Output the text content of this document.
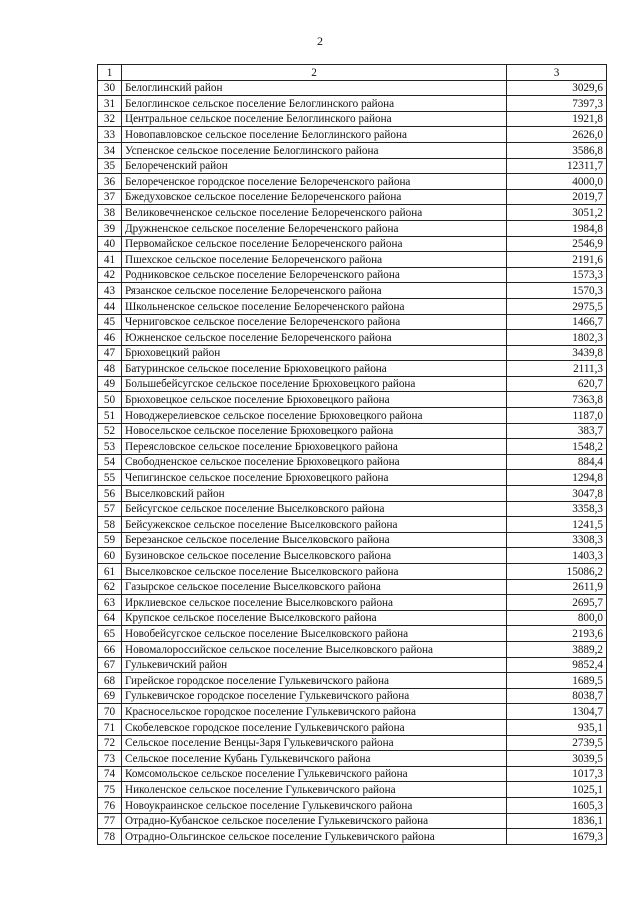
2
1	2	3
30	Белоглинский район	3029,6
31	Белоглинское сельское поселение Белоглинского района	7397,3
32	Центральное сельское поселение Белоглинского района	1921,8
33	Новопавловское сельское поселение Белоглинского района	2626,0
34	Успенское сельское поселение Белоглинского района	3586,8
35	Белореченский район	12311,7
36	Белореченское городское поселение Белореченского района	4000,0
37	Бжедуховское сельское поселение Белореченского района	2019,7
38	Великовечненское сельское поселение Белореченского района	3051,2
39	Дружненское сельское поселение Белореченского района	1984,8
40	Первомайское сельское поселение Белореченского района	2546,9
41	Пшехское сельское поселение Белореченского района	2191,6
42	Родниковское сельское поселение Белореченского района	1573,3
43	Рязанское сельское поселение Белореченского района	1570,3
44	Школьненское сельское поселение Белореченского района	2975,5
45	Черниговское сельское поселение Белореченского района	1466,7
46	Южненское сельское поселение Белореченского района	1802,3
47	Брюховецкий район	3439,8
48	Батуринское сельское поселение Брюховецкого района	2111,3
49	Большебейсугское сельское поселение Брюховецкого района	620,7
50	Брюховецкое сельское поселение Брюховецкого района	7363,8
51	Новоджерелиевское сельское поселение Брюховецкого района	1187,0
52	Новосельское сельское поселение Брюховецкого района	383,7
53	Переясловское сельское поселение Брюховецкого района	1548,2
54	Свободненское сельское поселение Брюховецкого района	884,4
55	Чепигинское сельское поселение Брюховецкого района	1294,8
56	Выселковский район	3047,8
57	Бейсугское сельское поселение Выселковского района	3358,3
58	Бейсужекское сельское поселение Выселковского района	1241,5
59	Березанское сельское поселение Выселковского района	3308,3
60	Бузиновское сельское поселение Выселковского района	1403,3
61	Выселковское сельское поселение Выселковского района	15086,2
62	Газырское сельское поселение Выселковского района	2611,9
63	Ирклиевское сельское поселение Выселковского района	2695,7
64	Крупское сельское поселение Выселковского района	800,0
65	Новобейсугское сельское поселение Выселковского района	2193,6
66	Новомалороссийское сельское поселение Выселковского района	3889,2
67	Гулькевичский район	9852,4
68	Гирейское городское поселение Гулькевичского района	1689,5
69	Гулькевичское городское поселение Гулькевичского района	8038,7
70	Красносельское городское поселение Гулькевичского района	1304,7
71	Скобелевское городское поселение Гулькевичского района	935,1
72	Сельское поселение Венцы-Заря Гулькевичского района	2739,5
73	Сельское поселение Кубань Гулькевичского района	3039,5
74	Комсомольское сельское поселение Гулькевичского района	1017,3
75	Николенское сельское поселение Гулькевичского района	1025,1
76	Новоукраинское сельское поселение Гулькевичского района	1605,3
77	Отрадно-Кубанское сельское поселение Гулькевичского района	1836,1
78	Отрадно-Ольгинское сельское поселение Гулькевичского района	1679,3
